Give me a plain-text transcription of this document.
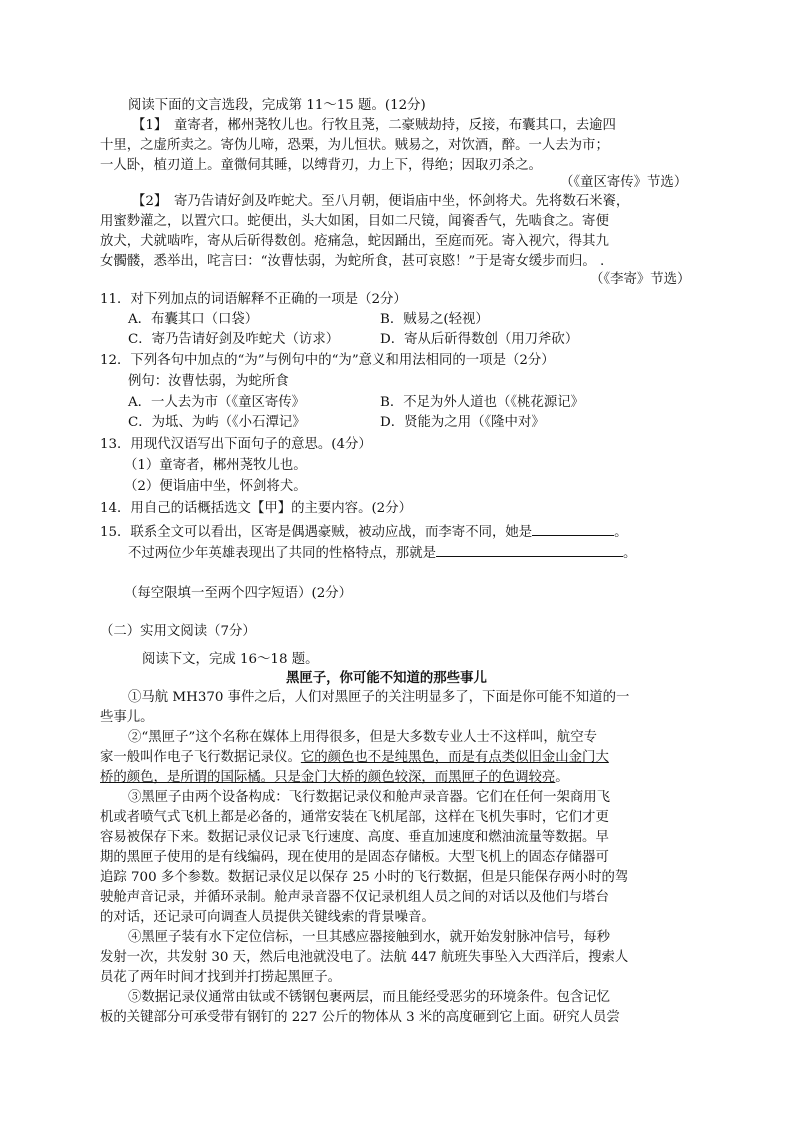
阅读下面的文言选段，完成第 11～15 题。(12分)
【1】　童寄者，郴州荛牧儿也。行牧且荛，二豪贼劫持，反接，布囊其口，去逾四
十里，之虚所卖之。寄伪儿啼，恐栗，为儿恒状。贼易之，对饮酒，醉。一人去为市；
一人卧，植刃道上。童微伺其睡，以缚背刃，力上下，得绝；因取刃杀之。
（《童区寄传》节选）
【2】　寄乃告请好剑及咋蛇犬。至八月朝，便诣庙中坐，怀剑将犬。先将数石米餈，
用蜜麨灌之，以置穴口。蛇便出，头大如囷，目如二尺镜，闻餈香气，先啮食之。寄便
放犬，犬就啮咋，寄从后斫得数创。疮痛急，蛇因踊出，至庭而死。寄入视穴，得其九
女髑髅，悉举出，咤言曰：“汝曹怯弱，为蛇所食，甚可哀愍！”于是寄女缓步而归。 .
（《李寄》节选）
11．对下列加点的词语解释不正确的一项是（2分）
A．布囊其口（口袋）	B．贼易之(轻视）
C．寄乃告请好剑及咋蛇犬（访求）	D．寄从后斫得数创（用刀斧砍）
12．下列各句中加点的“为”与例句中的“为”意义和用法相同的一项是（2分）
例句：汝曹怯弱，为蛇所食
A．一人去为市（《童区寄传》	B．不足为外人道也（《桃花源记》
C．为坻、为屿（《小石潭记》	D．贤能为之用（《隆中对》
13．用现代汉语写出下面句子的意思。(4分）
（1）童寄者，郴州荛牧儿也。
（2）便诣庙中坐，怀剑将犬。
14．用自己的话概括选文【甲】的主要内容。(2分）
15．联系全文可以看出，区寄是偶遇豪贼，被动应战，而李寄不同，她是	。
不过两位少年英雄表现出了共同的性格特点，那就是	。
（每空限填一至两个四字短语）(2分）
（二）实用文阅读（7分）
阅读下文，完成 16～18 题。
黑匣子，你可能不知道的那些事儿
①马航 MH370 事件之后，人们对黑匣子的关注明显多了，下面是你可能不知道的一
些事儿。
②“黑匣子”这个名称在媒体上用得很多，但是大多数专业人士不这样叫，航空专
家一般叫作电子飞行数据记录仪。它的颜色也不是纯黑色，而是有点类似旧金山金门大
桥的颜色，是所谓的国际橘。只是金门大桥的颜色较深，而黑匣子的色调较亮。
③黑匣子由两个设备构成：飞行数据记录仪和舱声录音器。它们在任何一架商用飞
机或者喷气式飞机上都是必备的，通常安装在飞机尾部，这样在飞机失事时，它们才更
容易被保存下来。数据记录仪记录飞行速度、高度、垂直加速度和燃油流量等数据。早
期的黑匣子使用的是有线编码，现在使用的是固态存储板。大型飞机上的固态存储器可
追踪 700 多个参数。数据记录仪足以保存 25 小时的飞行数据，但是只能保存两小时的驾
驶舱声音记录，并循环录制。舱声录音器不仅记录机组人员之间的对话以及他们与塔台
的对话，还记录可向调查人员提供关键线索的背景噪音。
④黑匣子装有水下定位信标，一旦其感应器接触到水，就开始发射脉冲信号，每秒
发射一次，共发射 30 天，然后电池就没电了。法航 447 航班失事坠入大西洋后，搜索人
员花了两年时间才找到并打捞起黑匣子。
⑤数据记录仪通常由钛或不锈钢包裹两层，而且能经受恶劣的环境条件。包含记忆
板的关键部分可承受带有钢钉的 227 公斤的物体从 3 米的高度砸到它上面。研究人员尝
